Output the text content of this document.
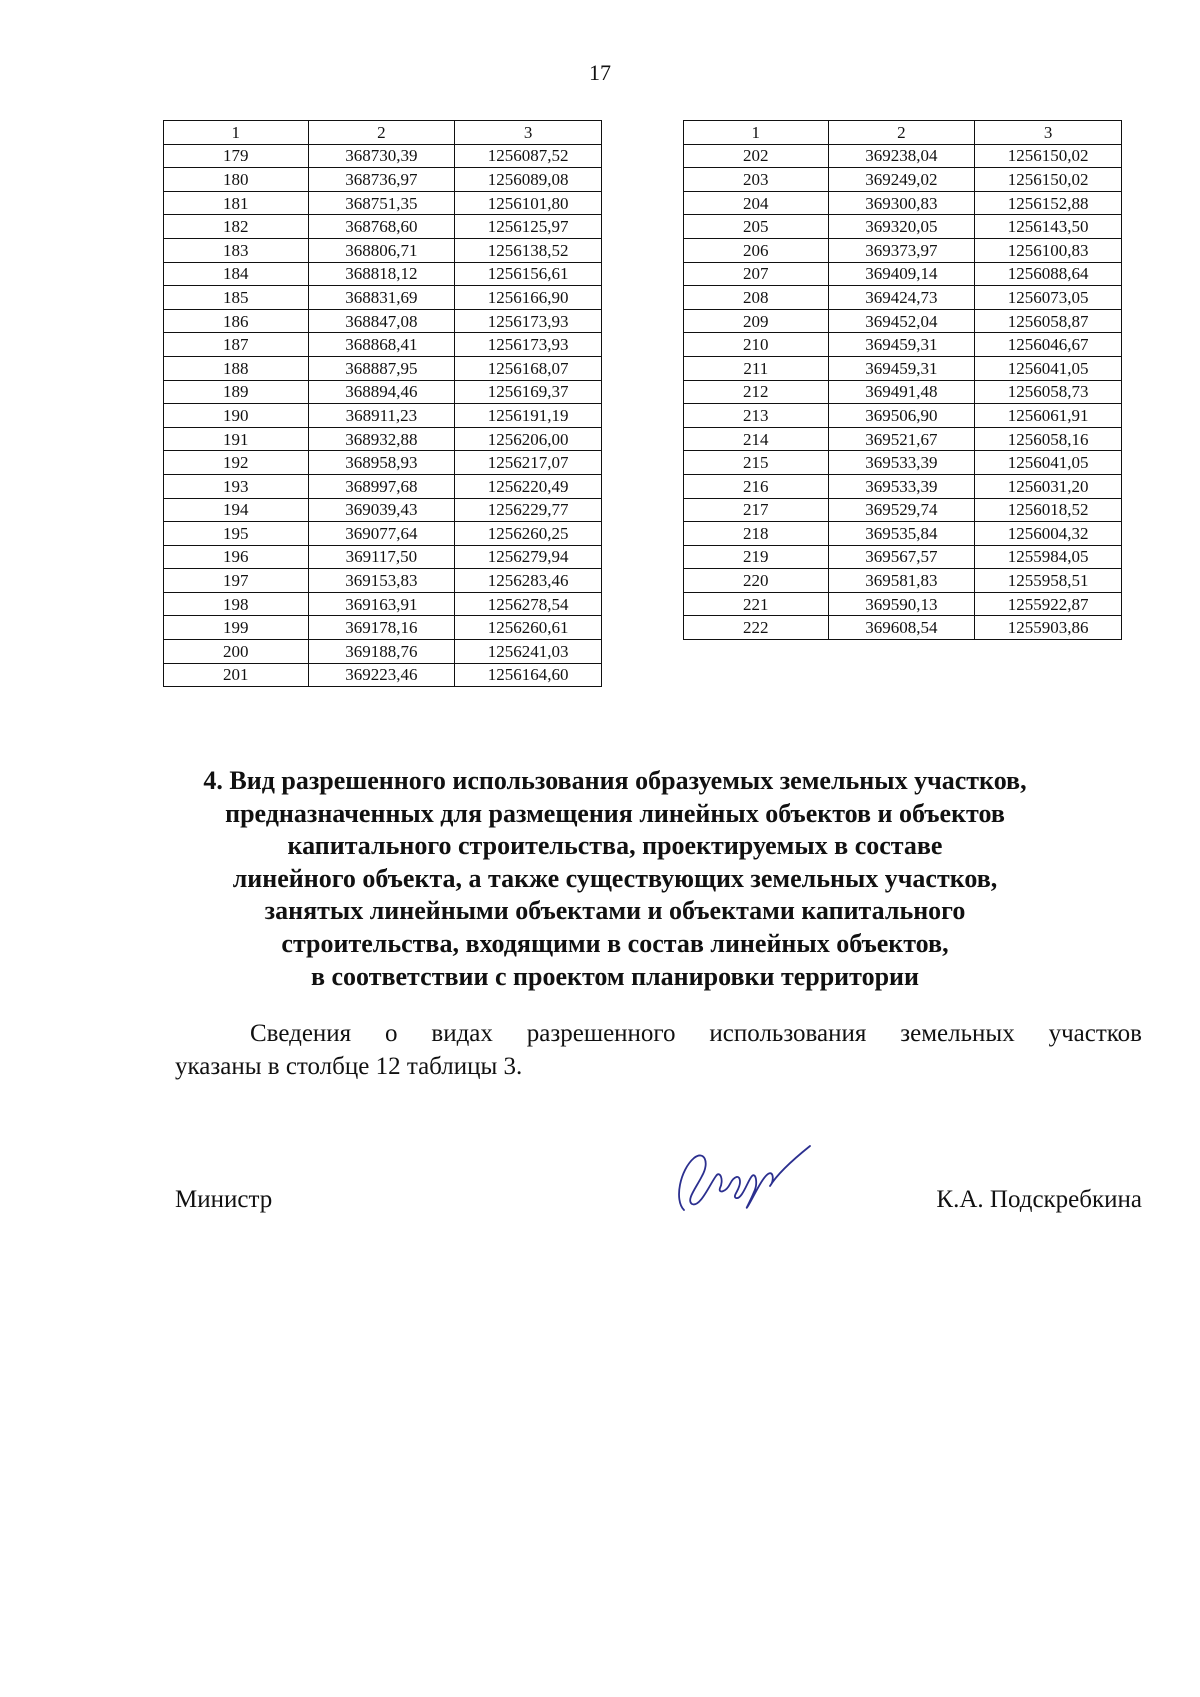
17
1	2	3
179	368730,39	1256087,52
180	368736,97	1256089,08
181	368751,35	1256101,80
182	368768,60	1256125,97
183	368806,71	1256138,52
184	368818,12	1256156,61
185	368831,69	1256166,90
186	368847,08	1256173,93
187	368868,41	1256173,93
188	368887,95	1256168,07
189	368894,46	1256169,37
190	368911,23	1256191,19
191	368932,88	1256206,00
192	368958,93	1256217,07
193	368997,68	1256220,49
194	369039,43	1256229,77
195	369077,64	1256260,25
196	369117,50	1256279,94
197	369153,83	1256283,46
198	369163,91	1256278,54
199	369178,16	1256260,61
200	369188,76	1256241,03
201	369223,46	1256164,60
1	2	3
202	369238,04	1256150,02
203	369249,02	1256150,02
204	369300,83	1256152,88
205	369320,05	1256143,50
206	369373,97	1256100,83
207	369409,14	1256088,64
208	369424,73	1256073,05
209	369452,04	1256058,87
210	369459,31	1256046,67
211	369459,31	1256041,05
212	369491,48	1256058,73
213	369506,90	1256061,91
214	369521,67	1256058,16
215	369533,39	1256041,05
216	369533,39	1256031,20
217	369529,74	1256018,52
218	369535,84	1256004,32
219	369567,57	1255984,05
220	369581,83	1255958,51
221	369590,13	1255922,87
222	369608,54	1255903,86
4. Вид разрешенного использования образуемых земельных участков,
предназначенных для размещения линейных объектов и объектов
капитального строительства, проектируемых в составе
линейного объекта, а также существующих земельных участков,
занятых линейными объектами и объектами капитального
строительства, входящими в состав линейных объектов,
в соответствии с проектом планировки территории
Сведения о видах разрешенного использования земельных участков
указаны в столбце 12 таблицы 3.
Министр	К.А. Подскребкина
